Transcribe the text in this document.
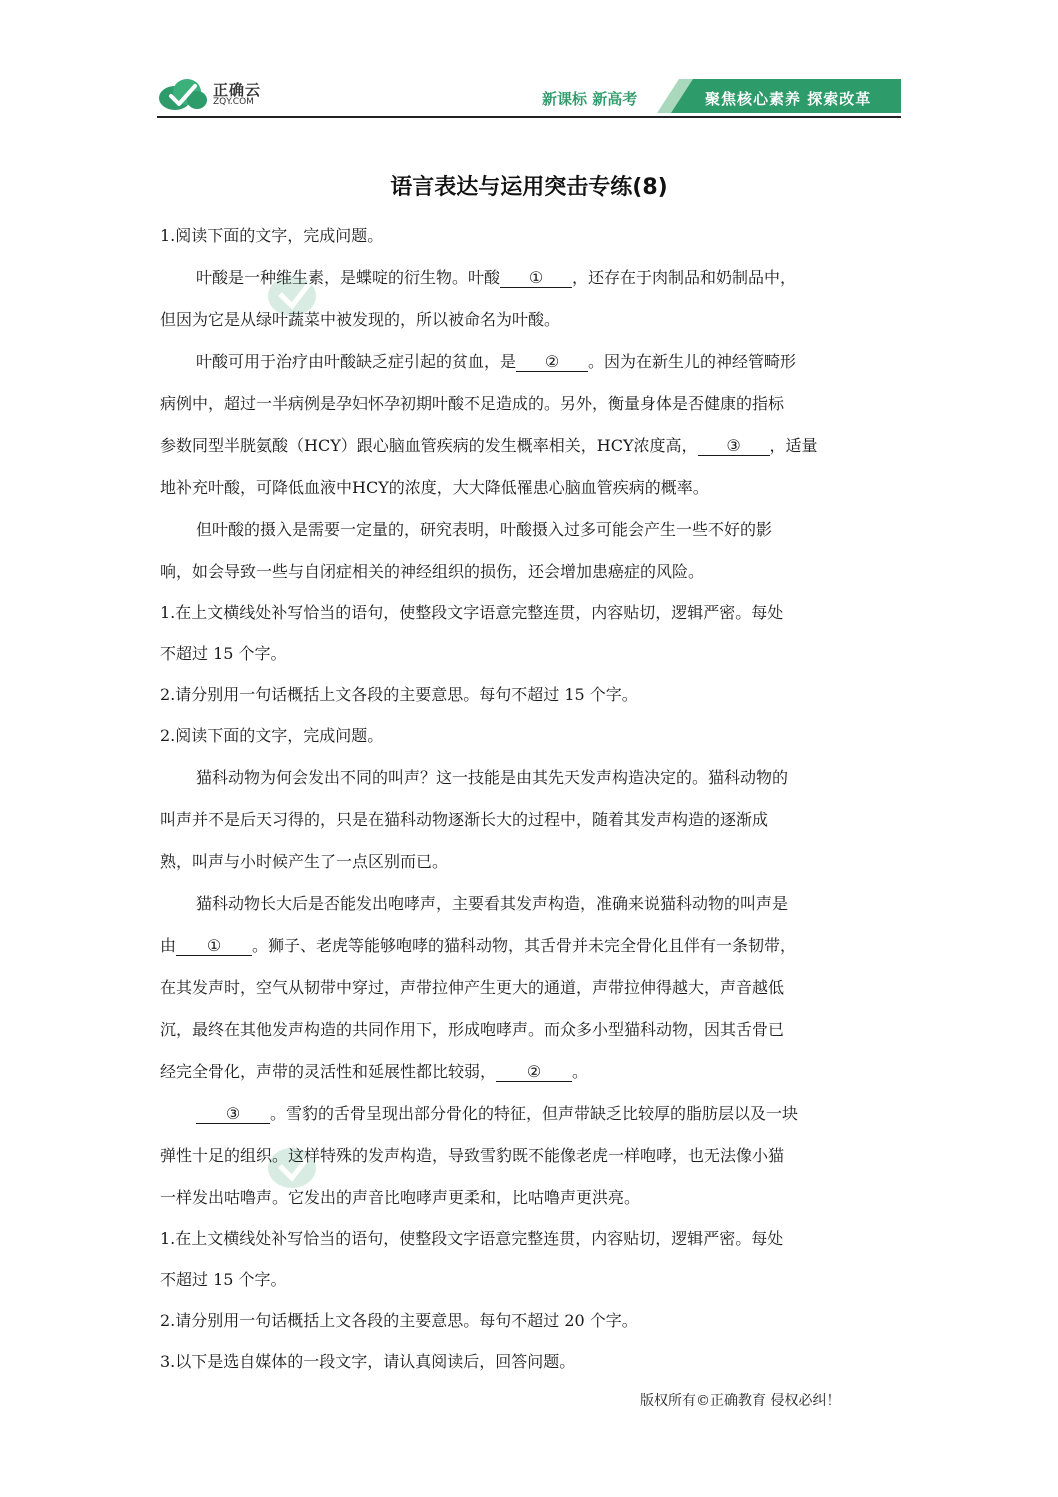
正确云
ZQY.COM	新课标 新高考	聚焦核心素养 探索改革
语言表达与运用突击专练(8)
1.阅读下面的文字，完成问题。
叶酸是一种维生素，是蝶啶的衍生物。叶酸 ① ，还存在于肉制品和奶制品中，
但因为它是从绿叶蔬菜中被发现的，所以被命名为叶酸。
叶酸可用于治疗由叶酸缺乏症引起的贫血，是 ② 。因为在新生儿的神经管畸形
病例中，超过一半病例是孕妇怀孕初期叶酸不足造成的。另外，衡量身体是否健康的指标
参数同型半胱氨酸（HCY）跟心脑血管疾病的发生概率相关，HCY浓度高， ③ ，适量
地补充叶酸，可降低血液中HCY的浓度，大大降低罹患心脑血管疾病的概率。
但叶酸的摄入是需要一定量的，研究表明，叶酸摄入过多可能会产生一些不好的影
响，如会导致一些与自闭症相关的神经组织的损伤，还会增加患癌症的风险。
1.在上文横线处补写恰当的语句，使整段文字语意完整连贯，内容贴切，逻辑严密。每处
不超过 15 个字。
2.请分别用一句话概括上文各段的主要意思。每句不超过 15 个字。
2.阅读下面的文字，完成问题。
猫科动物为何会发出不同的叫声？这一技能是由其先天发声构造决定的。猫科动物的
叫声并不是后天习得的，只是在猫科动物逐渐长大的过程中，随着其发声构造的逐渐成
熟，叫声与小时候产生了一点区别而已。
猫科动物长大后是否能发出咆哮声，主要看其发声构造，准确来说猫科动物的叫声是
由 ① 。狮子、老虎等能够咆哮的猫科动物，其舌骨并未完全骨化且伴有一条韧带，
在其发声时，空气从韧带中穿过，声带拉伸产生更大的通道，声带拉伸得越大，声音越低
沉，最终在其他发声构造的共同作用下，形成咆哮声。而众多小型猫科动物，因其舌骨已
经完全骨化，声带的灵活性和延展性都比较弱， ② 。
③ 。雪豹的舌骨呈现出部分骨化的特征，但声带缺乏比较厚的脂肪层以及一块
弹性十足的组织。这样特殊的发声构造，导致雪豹既不能像老虎一样咆哮，也无法像小猫
一样发出咕噜声。它发出的声音比咆哮声更柔和，比咕噜声更洪亮。
1.在上文横线处补写恰当的语句，使整段文字语意完整连贯，内容贴切，逻辑严密。每处
不超过 15 个字。
2.请分别用一句话概括上文各段的主要意思。每句不超过 20 个字。
3.以下是选自媒体的一段文字，请认真阅读后，回答问题。
版权所有©正确教育 侵权必纠！
